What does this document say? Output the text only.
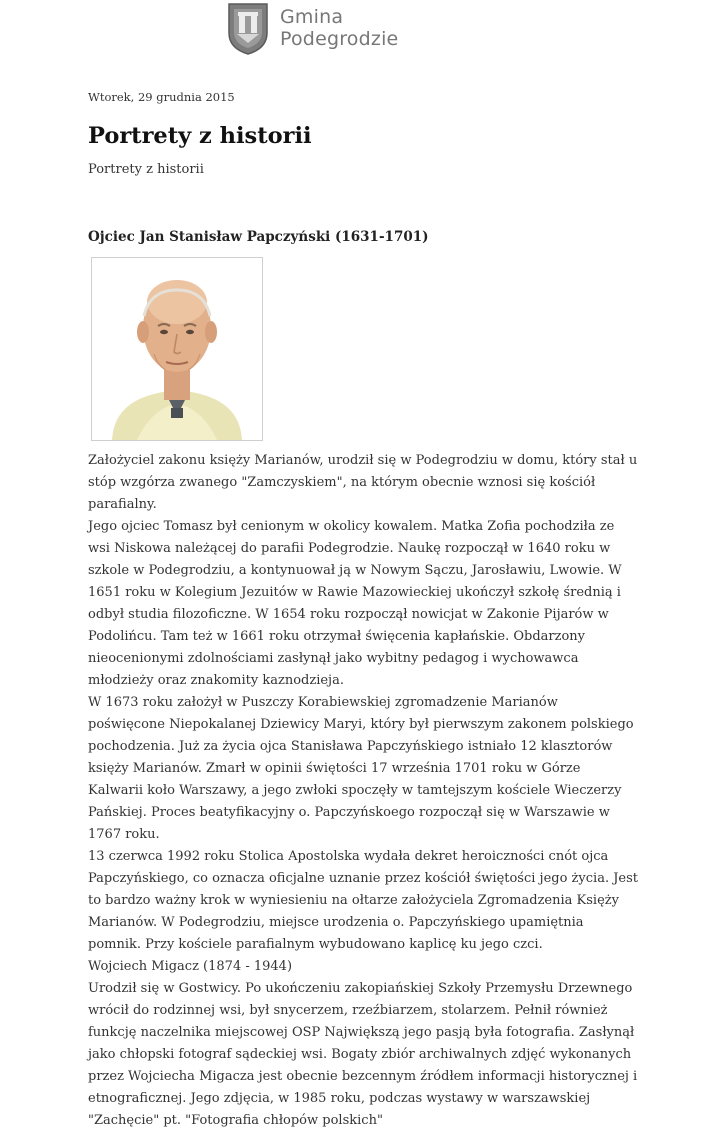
Gmina
Podegrodzie

Wtorek, 29 grudnia 2015

Portrety z historii

Portrety z historii

Ojciec Jan Stanisław Papczyński (1631-1701)

Założyciel zakonu księży Marianów, urodził się w Podegrodziu w domu, który stał u stóp wzgórza zwanego "Zamczyskiem", na którym obecnie wznosi się kościół parafialny.

Jego ojciec Tomasz był cenionym w okolicy kowalem. Matka Zofia pochodziła ze wsi Niskowa należącej do parafii Podegrodzie. Naukę rozpoczął w 1640 roku w szkole w Podegrodziu, a kontynuował ją w Nowym Sączu, Jarosławiu, Lwowie. W 1651 roku w Kolegium Jezuitów w Rawie Mazowieckiej ukończył szkołę średnią i odbył studia filozoficzne. W 1654 roku rozpoczął nowicjat w Zakonie Pijarów w Podolińcu. Tam też w 1661 roku otrzymał święcenia kapłańskie. Obdarzony nieocenionymi zdolnościami zasłynął jako wybitny pedagog i wychowawca młodzieży oraz znakomity kaznodzieja.

W 1673 roku założył w Puszczy Korabiewskiej zgromadzenie Marianów poświęcone Niepokalanej Dziewicy Maryi, który był pierwszym zakonem polskiego pochodzenia. Już za życia ojca Stanisława Papczyńskiego istniało 12 klasztorów księży Marianów. Zmarł w opinii świętości 17 września 1701 roku w Górze Kalwarii koło Warszawy, a jego zwłoki spoczęły w tamtejszym kościele Wieczerzy Pańskiej. Proces beatyfikacyjny o. Papczyńskoego rozpoczął się w Warszawie w 1767 roku.

13 czerwca 1992 roku Stolica Apostolska wydała dekret heroiczności cnót ojca Papczyńskiego, co oznacza oficjalne uznanie przez kościół świętości jego życia. Jest to bardzo ważny krok w wyniesieniu na ołtarze założyciela Zgromadzenia Księży Marianów. W Podegrodziu, miejsce urodzenia o. Papczyńskiego upamiętnia pomnik. Przy kościele parafialnym wybudowano kaplicę ku jego czci.

Wojciech Migacz (1874 - 1944)

Urodził się w Gostwicy. Po ukończeniu zakopiańskiej Szkoły Przemysłu Drzewnego wrócił do rodzinnej wsi, był snycerzem, rzeźbiarzem, stolarzem. Pełnił również funkcję naczelnika miejscowej OSP Największą jego pasją była fotografia. Zasłynął jako chłopski fotograf sądeckiej wsi. Bogaty zbiór archiwalnych zdjęć wykonanych przez Wojciecha Migacza jest obecnie bezcennym źródłem informacji historycznej i etnograficznej. Jego zdjęcia, w 1985 roku, podczas wystawy w warszawskiej "Zachęcie" pt. "Fotografia chłopów polskich"
